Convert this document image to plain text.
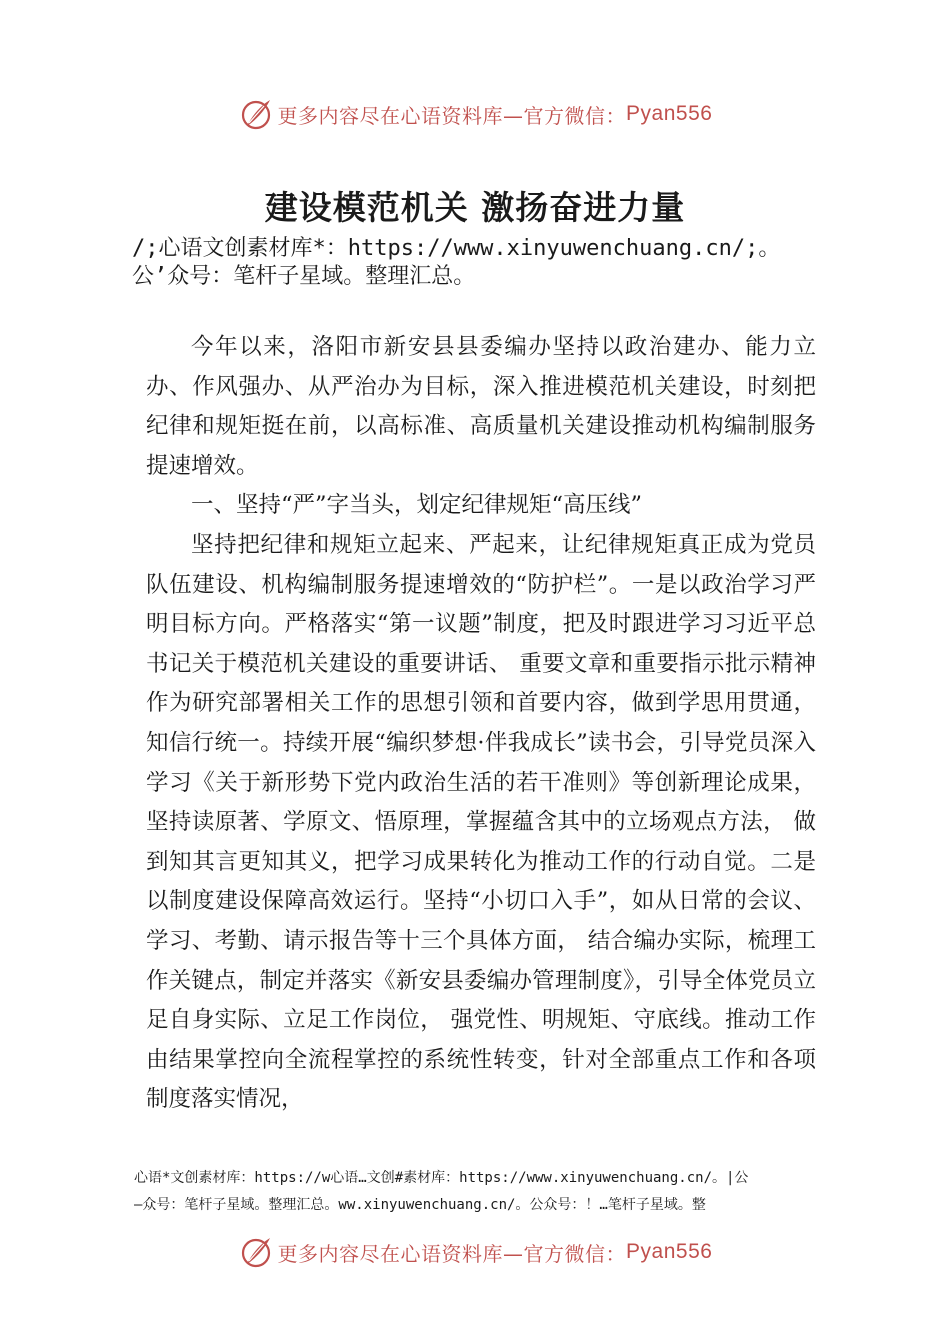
更多内容尽在心语资料库—官方微信： Pyan556
建设模范机关 激扬奋进力量
/;心语文创素材库*：https://www.xinyuwenchuang.cn/;。
公’众号：笔杆子星域。整理汇总。

今年以来，洛阳市新安县县委编办坚持以政治建办、能力立办、作风强办、从严治办为目标，深入推进模范机关建设，时刻把纪律和规矩挺在前，以高标准、高质量机关建设推动机构编制服务提速增效。

一、坚持“严”字当头，划定纪律规矩“高压线”

坚持把纪律和规矩立起来、严起来，让纪律规矩真正成为党员队伍建设、机构编制服务提速增效的“防护栏”。一是以政治学习严明目标方向。严格落实“第一议题”制度，把及时跟进学习习近平总书记关于模范机关建设的重要讲话、 重要文章和重要指示批示精神作为研究部署相关工作的思想引领和首要内容，做到学思用贯通，知信行统一。持续开展“编织梦想·伴我成长”读书会，引导党员深入学习《关于新形势下党内政治生活的若干准则》等创新理论成果，坚持读原著、学原文、悟原理，掌握蕴含其中的立场观点方法， 做到知其言更知其义，把学习成果转化为推动工作的行动自觉。二是以制度建设保障高效运行。坚持“小切口入手”，如从日常的会议、学习、考勤、请示报告等十三个具体方面， 结合编办实际，梳理工作关键点，制定并落实《新安县委编办管理制度》，引导全体党员立足自身实际、立足工作岗位， 强党性、明规矩、守底线。推动工作由结果掌控向全流程掌控的系统性转变，针对全部重点工作和各项制度落实情况，

心语*文创素材库：https://w心语…文创#素材库：https://www.xinyuwenchuang.cn/。|公
—众号：笔杆子星域。整理汇总。ww.xinyuwenchuang.cn/。公众号：！…笔杆子星域。整
更多内容尽在心语资料库—官方微信： Pyan556
